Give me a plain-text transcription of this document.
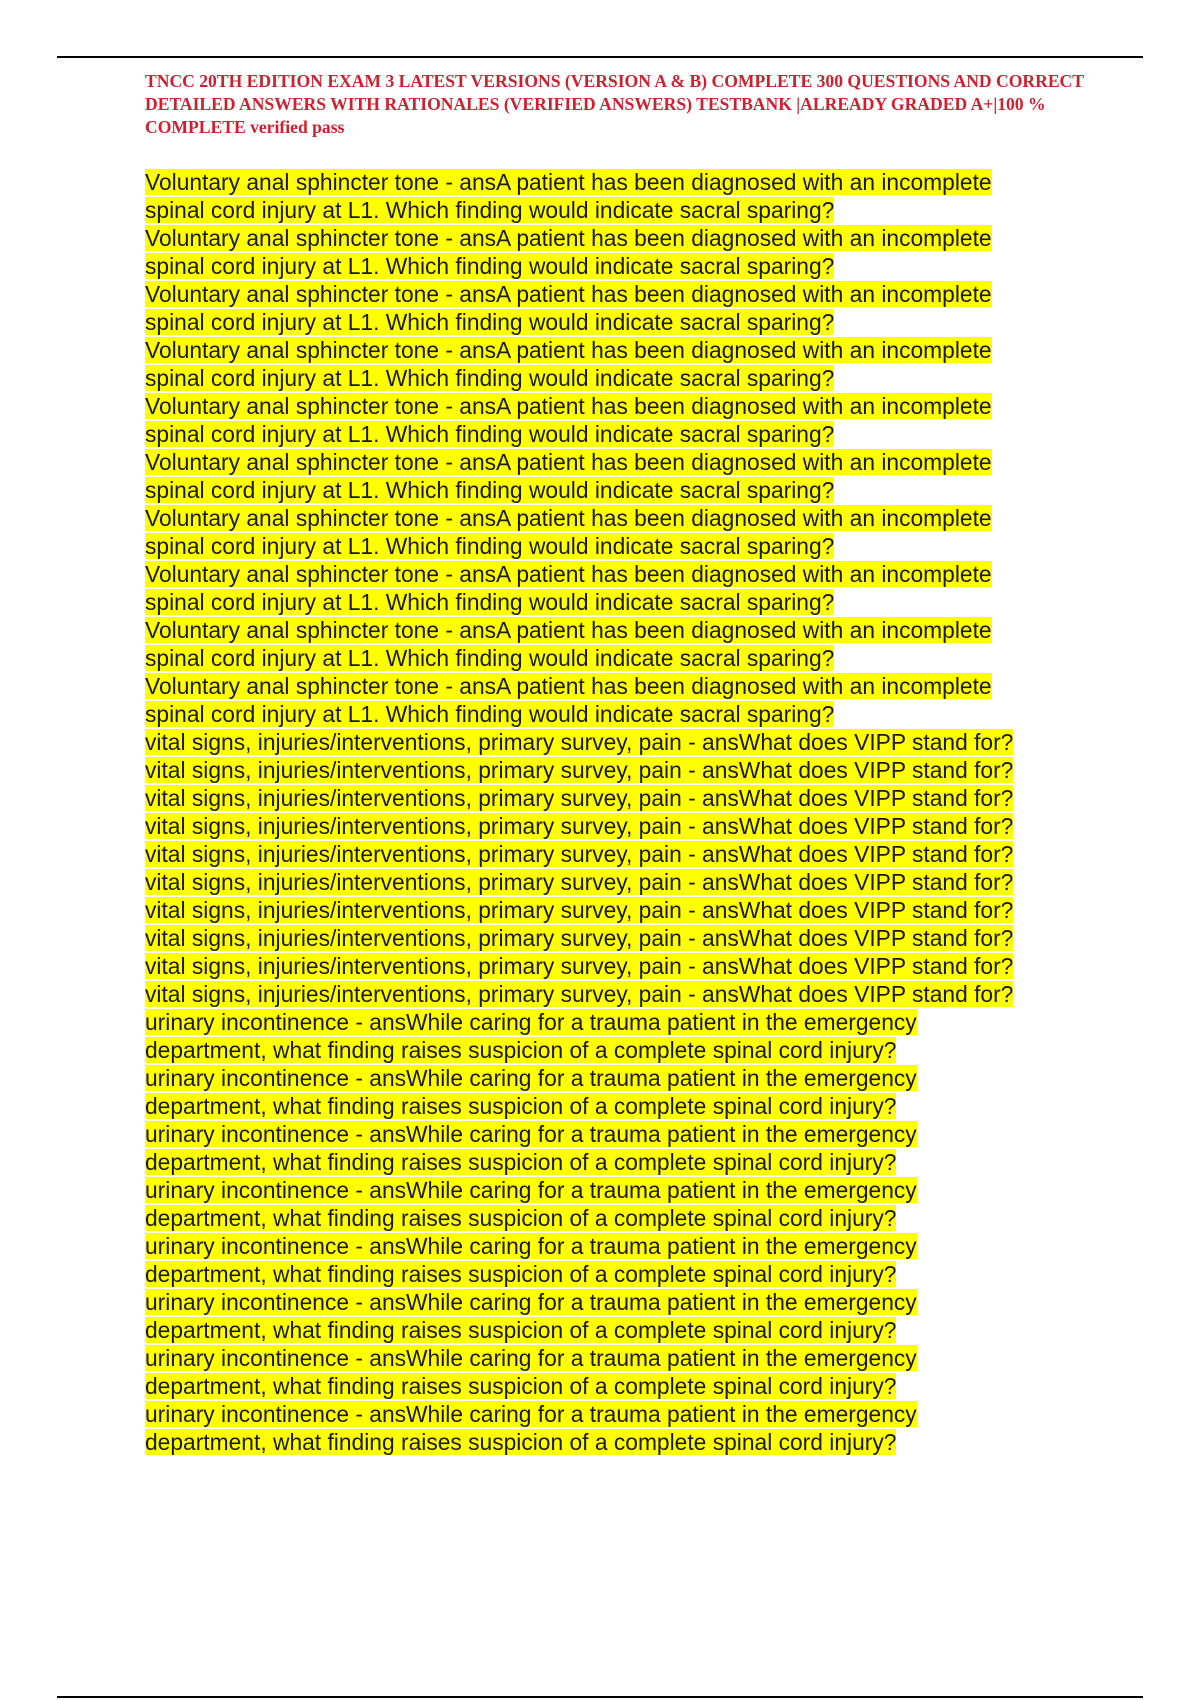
TNCC 20TH EDITION EXAM 3 LATEST VERSIONS (VERSION A & B) COMPLETE 300 QUESTIONS AND CORRECT DETAILED ANSWERS WITH RATIONALES (VERIFIED ANSWERS) TESTBANK |ALREADY GRADED A+|100 % COMPLETE verified pass

Voluntary anal sphincter tone - ansA patient has been diagnosed with an incomplete spinal cord injury at L1. Which finding would indicate sacral sparing?

Voluntary anal sphincter tone - ansA patient has been diagnosed with an incomplete spinal cord injury at L1. Which finding would indicate sacral sparing?

Voluntary anal sphincter tone - ansA patient has been diagnosed with an incomplete spinal cord injury at L1. Which finding would indicate sacral sparing?

Voluntary anal sphincter tone - ansA patient has been diagnosed with an incomplete spinal cord injury at L1. Which finding would indicate sacral sparing?

Voluntary anal sphincter tone - ansA patient has been diagnosed with an incomplete spinal cord injury at L1. Which finding would indicate sacral sparing?

Voluntary anal sphincter tone - ansA patient has been diagnosed with an incomplete spinal cord injury at L1. Which finding would indicate sacral sparing?

Voluntary anal sphincter tone - ansA patient has been diagnosed with an incomplete spinal cord injury at L1. Which finding would indicate sacral sparing?

Voluntary anal sphincter tone - ansA patient has been diagnosed with an incomplete spinal cord injury at L1. Which finding would indicate sacral sparing?

Voluntary anal sphincter tone - ansA patient has been diagnosed with an incomplete spinal cord injury at L1. Which finding would indicate sacral sparing?

Voluntary anal sphincter tone - ansA patient has been diagnosed with an incomplete spinal cord injury at L1. Which finding would indicate sacral sparing?

vital signs, injuries/interventions, primary survey, pain - ansWhat does VIPP stand for?

vital signs, injuries/interventions, primary survey, pain - ansWhat does VIPP stand for?

vital signs, injuries/interventions, primary survey, pain - ansWhat does VIPP stand for?

vital signs, injuries/interventions, primary survey, pain - ansWhat does VIPP stand for?

vital signs, injuries/interventions, primary survey, pain - ansWhat does VIPP stand for?

vital signs, injuries/interventions, primary survey, pain - ansWhat does VIPP stand for?

vital signs, injuries/interventions, primary survey, pain - ansWhat does VIPP stand for?

vital signs, injuries/interventions, primary survey, pain - ansWhat does VIPP stand for?

vital signs, injuries/interventions, primary survey, pain - ansWhat does VIPP stand for?

vital signs, injuries/interventions, primary survey, pain - ansWhat does VIPP stand for?

urinary incontinence - ansWhile caring for a trauma patient in the emergency department, what finding raises suspicion of a complete spinal cord injury?

urinary incontinence - ansWhile caring for a trauma patient in the emergency department, what finding raises suspicion of a complete spinal cord injury?

urinary incontinence - ansWhile caring for a trauma patient in the emergency department, what finding raises suspicion of a complete spinal cord injury?

urinary incontinence - ansWhile caring for a trauma patient in the emergency department, what finding raises suspicion of a complete spinal cord injury?

urinary incontinence - ansWhile caring for a trauma patient in the emergency department, what finding raises suspicion of a complete spinal cord injury?

urinary incontinence - ansWhile caring for a trauma patient in the emergency department, what finding raises suspicion of a complete spinal cord injury?

urinary incontinence - ansWhile caring for a trauma patient in the emergency department, what finding raises suspicion of a complete spinal cord injury?

urinary incontinence - ansWhile caring for a trauma patient in the emergency department, what finding raises suspicion of a complete spinal cord injury?
